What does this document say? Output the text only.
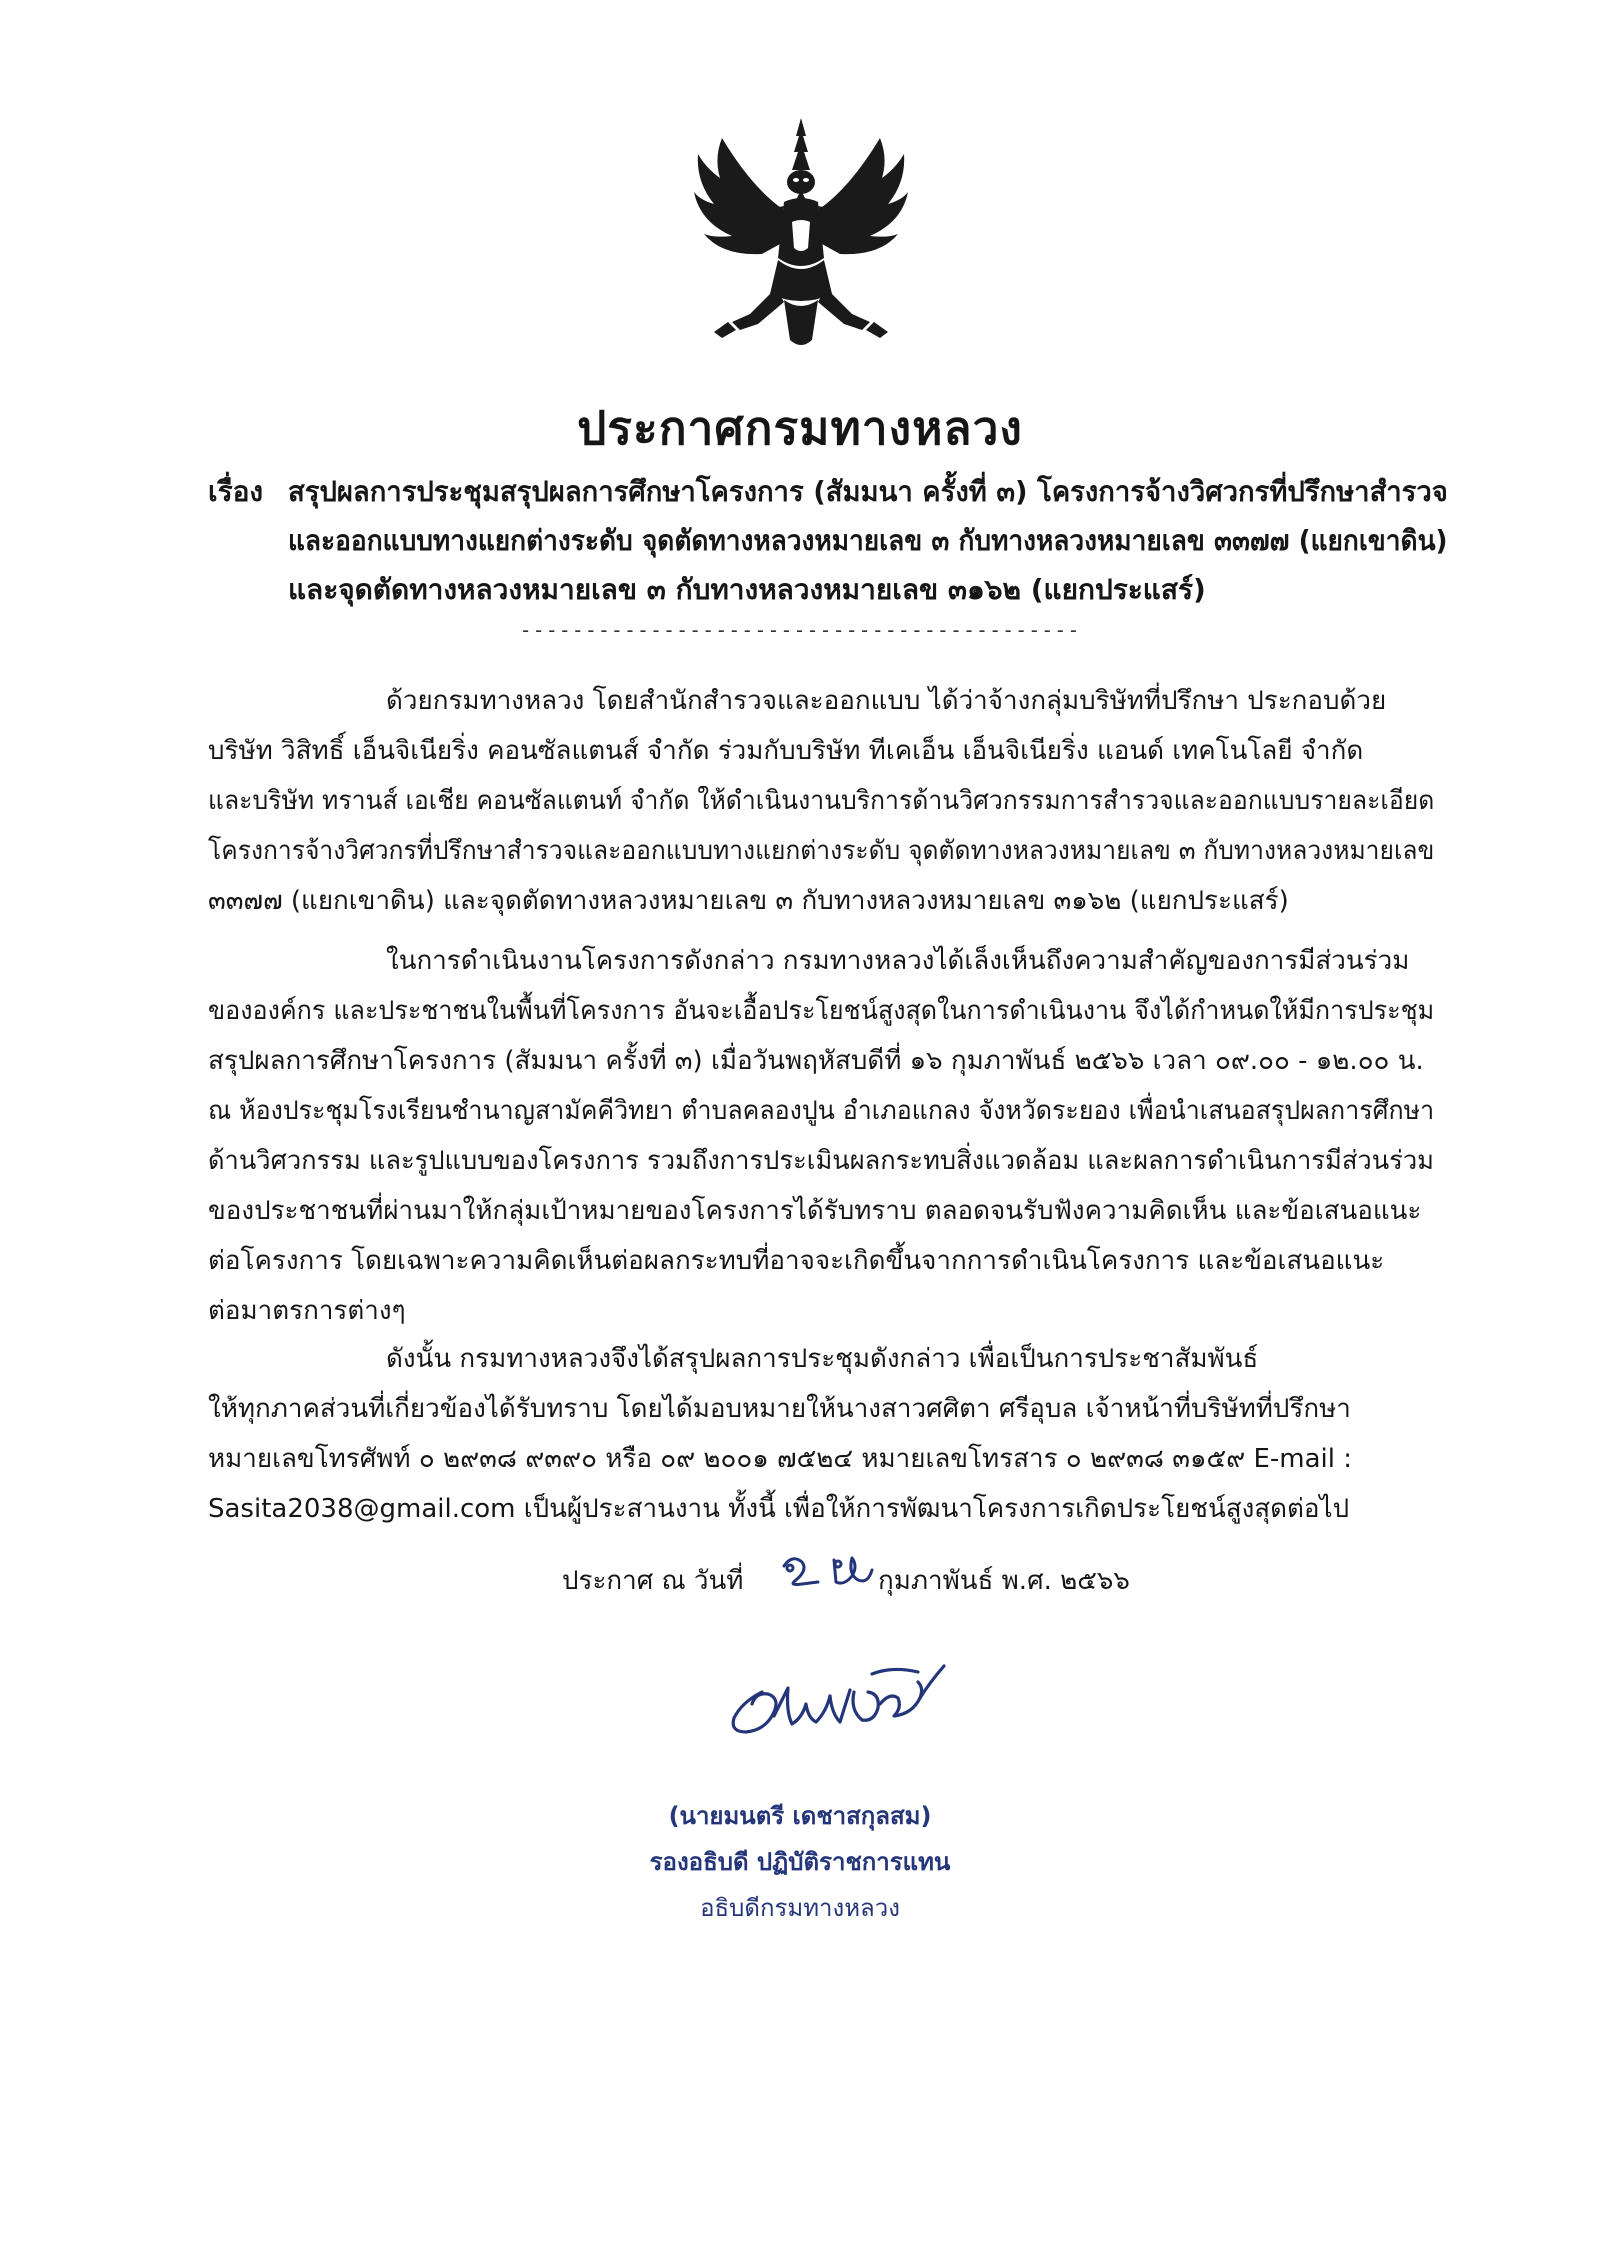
ประกาศกรมทางหลวง
เรื่อง สรุปผลการประชุมสรุปผลการศึกษาโครงการ (สัมมนา ครั้งที่ ๓) โครงการจ้างวิศวกรที่ปรึกษาสำรวจ
และออกแบบทางแยกต่างระดับ จุดตัดทางหลวงหมายเลข ๓ กับทางหลวงหมายเลข ๓๓๗๗ (แยกเขาดิน)
และจุดตัดทางหลวงหมายเลข ๓ กับทางหลวงหมายเลข ๓๑๖๒ (แยกประแสร์)
-------------------------------------------
ด้วยกรมทางหลวง โดยสำนักสำรวจและออกแบบ ได้ว่าจ้างกลุ่มบริษัทที่ปรึกษา ประกอบด้วย
บริษัท วิสิทธิ์ เอ็นจิเนียริ่ง คอนซัลแตนส์ จำกัด ร่วมกับบริษัท ทีเคเอ็น เอ็นจิเนียริ่ง แอนด์ เทคโนโลยี จำกัด
และบริษัท ทรานส์ เอเชีย คอนซัลแตนท์ จำกัด ให้ดำเนินงานบริการด้านวิศวกรรมการสำรวจและออกแบบรายละเอียด
โครงการจ้างวิศวกรที่ปรึกษาสำรวจและออกแบบทางแยกต่างระดับ จุดตัดทางหลวงหมายเลข ๓ กับทางหลวงหมายเลข
๓๓๗๗ (แยกเขาดิน) และจุดตัดทางหลวงหมายเลข ๓ กับทางหลวงหมายเลข ๓๑๖๒ (แยกประแสร์)
ในการดำเนินงานโครงการดังกล่าว กรมทางหลวงได้เล็งเห็นถึงความสำคัญของการมีส่วนร่วม
ขององค์กร และประชาชนในพื้นที่โครงการ อันจะเอื้อประโยชน์สูงสุดในการดำเนินงาน จึงได้กำหนดให้มีการประชุม
สรุปผลการศึกษาโครงการ (สัมมนา ครั้งที่ ๓) เมื่อวันพฤหัสบดีที่ ๑๖ กุมภาพันธ์ ๒๕๖๖ เวลา ๐๙.๐๐ - ๑๒.๐๐ น.
ณ ห้องประชุมโรงเรียนชำนาญสามัคคีวิทยา ตำบลคลองปูน อำเภอแกลง จังหวัดระยอง เพื่อนำเสนอสรุปผลการศึกษา
ด้านวิศวกรรม และรูปแบบของโครงการ รวมถึงการประเมินผลกระทบสิ่งแวดล้อม และผลการดำเนินการมีส่วนร่วม
ของประชาชนที่ผ่านมาให้กลุ่มเป้าหมายของโครงการได้รับทราบ ตลอดจนรับฟังความคิดเห็น และข้อเสนอแนะ
ต่อโครงการ โดยเฉพาะความคิดเห็นต่อผลกระทบที่อาจจะเกิดขึ้นจากการดำเนินโครงการ และข้อเสนอแนะ
ต่อมาตรการต่างๆ
ดังนั้น กรมทางหลวงจึงได้สรุปผลการประชุมดังกล่าว เพื่อเป็นการประชาสัมพันธ์
ให้ทุกภาคส่วนที่เกี่ยวข้องได้รับทราบ โดยได้มอบหมายให้นางสาวศศิตา ศรีอุบล เจ้าหน้าที่บริษัทที่ปรึกษา
หมายเลขโทรศัพท์ ๐ ๒๙๓๘ ๙๓๙๐ หรือ ๐๙ ๒๐๐๑ ๗๕๒๔ หมายเลขโทรสาร ๐ ๒๙๓๘ ๓๑๕๙ E-mail :
Sasita2038@gmail.com เป็นผู้ประสานงาน ทั้งนี้ เพื่อให้การพัฒนาโครงการเกิดประโยชน์สูงสุดต่อไป
ประกาศ ณ วันที่	กุมภาพันธ์ พ.ศ. ๒๕๖๖
(นายมนตรี เดชาสกุลสม)
รองอธิบดี ปฏิบัติราชการแทน
อธิบดีกรมทางหลวง
